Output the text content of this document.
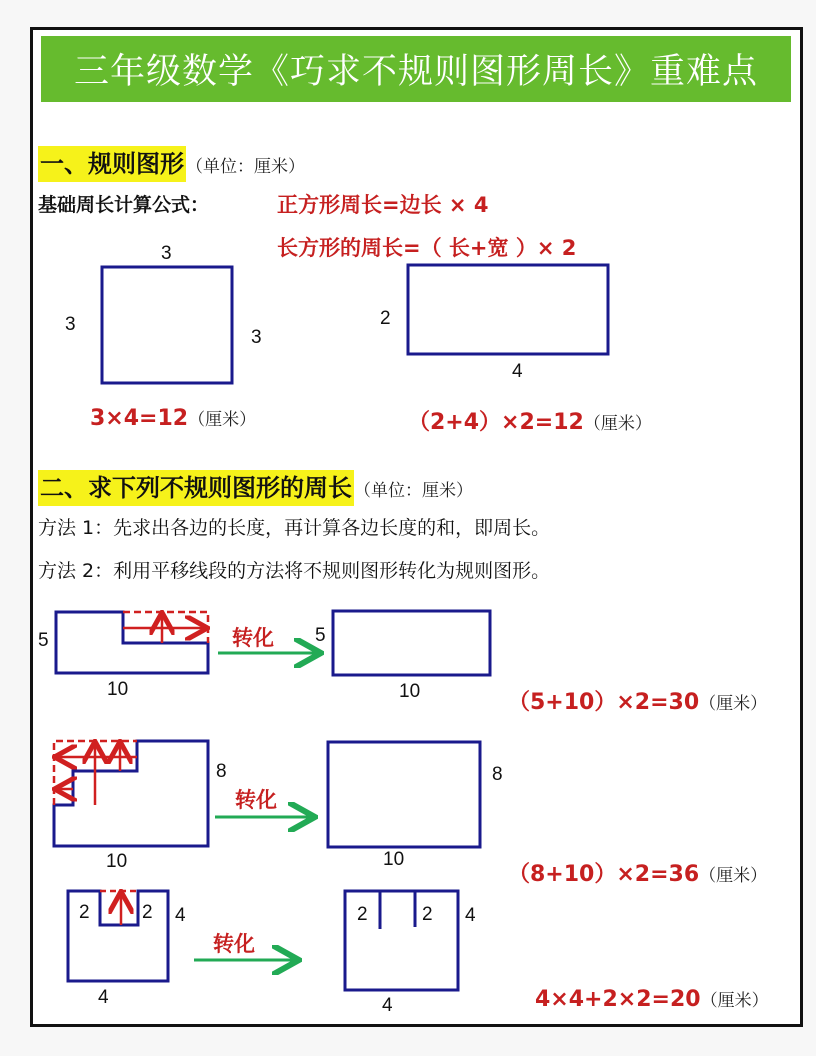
三年级数学《巧求不规则图形周长》重难点
一、规则图形 （单位：厘米）
基础周长计算公式：	正方形周长=边长 × 4
长方形的周长=（ 长+宽 ）× 2
3
3
3
3×4=12（厘米）
2
4
（2+4）×2=12（厘米）
二、求下列不规则图形的周长 （单位：厘米）
方法 1：先求出各边的长度，再计算各边长度的和，即周长。
方法 2：利用平移线段的方法将不规则图形转化为规则图形。
5
10
转化 5
10	（5+10）×2=30（厘米）
8
10
转化
8
10
（8+10）×2=36（厘米）
2	2 4
4
转化
2	2 4
4	4×4+2×2=20（厘米）
